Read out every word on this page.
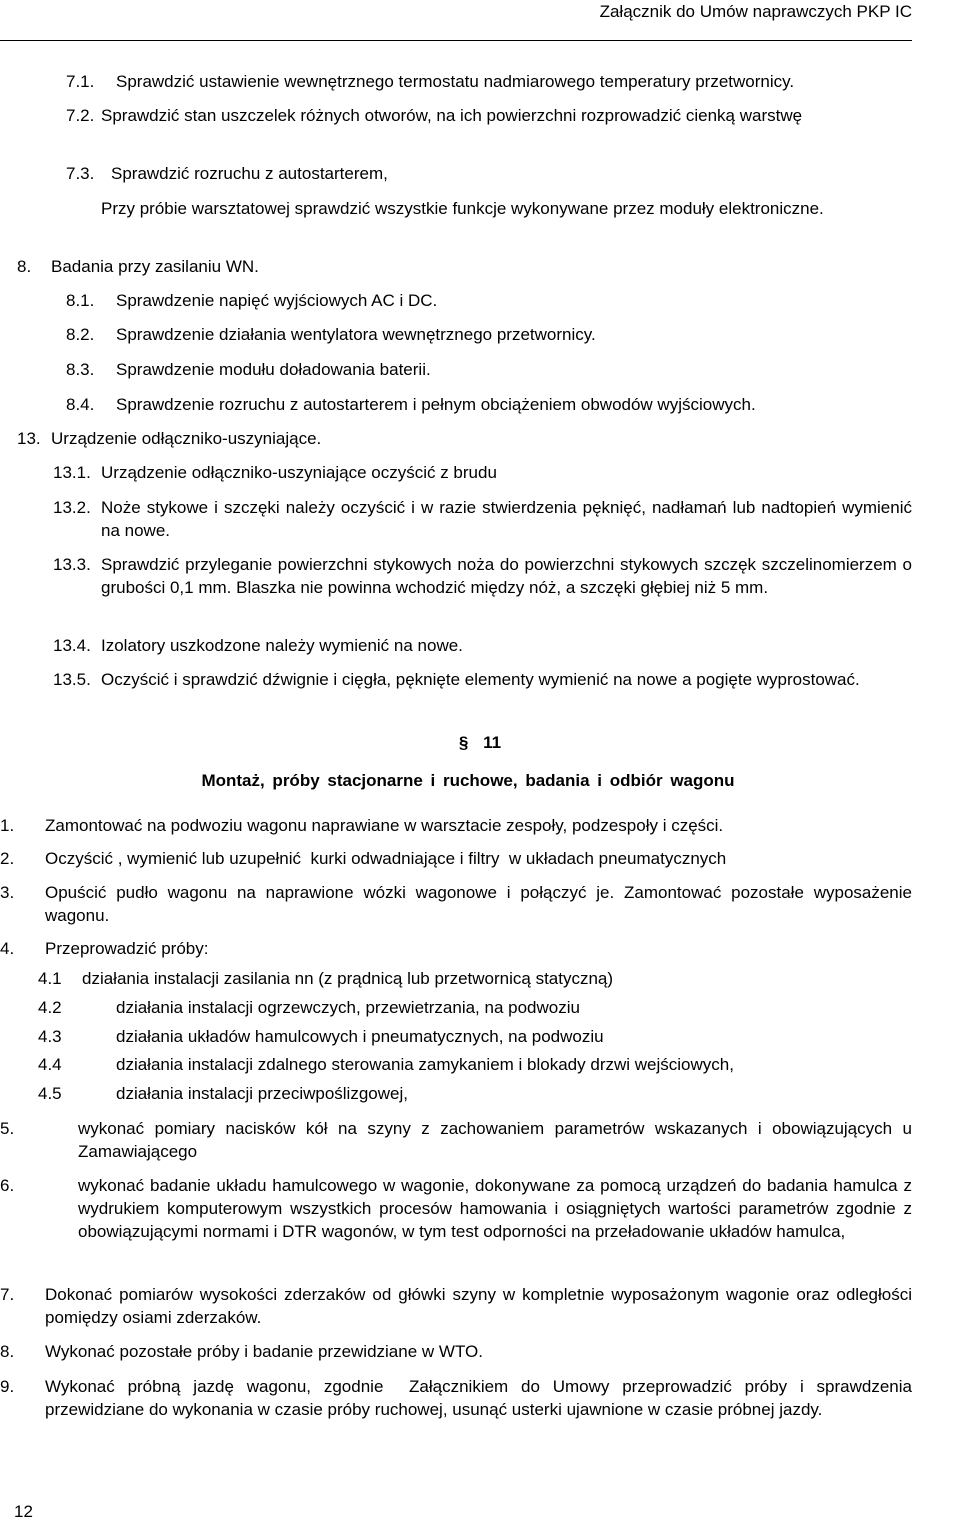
Załącznik do Umów naprawczych PKP IC
7.1.	Sprawdzić ustawienie wewnętrznego termostatu nadmiarowego temperatury przetwornicy.
7.2. Sprawdzić stan uszczelek różnych otworów, na ich powierzchni rozprowadzić cienką warstwę
7.3. Sprawdzić rozruchu z autostarterem,
Przy próbie warsztatowej sprawdzić wszystkie funkcje wykonywane przez moduły elektroniczne.
8.	Badania przy zasilaniu WN.
8.1.	Sprawdzenie napięć wyjściowych AC i DC.
8.2.	Sprawdzenie działania wentylatora wewnętrznego przetwornicy.
8.3.	Sprawdzenie modułu doładowania baterii.
8.4.	Sprawdzenie rozruchu z autostarterem i pełnym obciążeniem obwodów wyjściowych.
13. Urządzenie odłączniko-uszyniające.
13.1. Urządzenie odłączniko-uszyniające oczyścić z brudu
13.2. Noże stykowe i szczęki należy oczyścić i w razie stwierdzenia pęknięć, nadłamań lub nadtopień wymienić na nowe.
13.3. Sprawdzić przyleganie powierzchni stykowych noża do powierzchni stykowych szczęk szczelinomierzem o grubości 0,1 mm. Blaszka nie powinna wchodzić między nóż, a szczęki głębiej niż 5 mm.
13.4. Izolatory uszkodzone należy wymienić na nowe.
13.5. Oczyścić i sprawdzić dźwignie i cięgła, pęknięte elementy wymienić na nowe a pogięte wyprostować.
§ 11
Montaż, próby stacjonarne i ruchowe, badania i odbiór wagonu
1.	Zamontować na podwoziu wagonu naprawiane w warsztacie zespoły, podzespoły i części.
2.	Oczyścić , wymienić lub uzupełnić  kurki odwadniające i filtry  w układach pneumatycznych
3.	Opuścić pudło wagonu na naprawione wózki wagonowe i połączyć je. Zamontować pozostałe wyposażenie wagonu.
4.	Przeprowadzić próby:
4.1	działania instalacji zasilania nn (z prądnicą lub przetwornicą statyczną)
4.2	działania instalacji ogrzewczych, przewietrzania, na podwoziu
4.3	działania układów hamulcowych i pneumatycznych, na podwoziu
4.4	działania instalacji zdalnego sterowania zamykaniem i blokady drzwi wejściowych,
4.5	działania instalacji przeciwpoślizgowej,
5.	wykonać pomiary nacisków kół na szyny z zachowaniem parametrów wskazanych i obowiązujących u Zamawiającego
6.	wykonać badanie układu hamulcowego w wagonie, dokonywane za pomocą urządzeń do badania hamulca z wydrukiem komputerowym wszystkich procesów hamowania i osiągniętych wartości parametrów zgodnie z obowiązującymi normami i DTR wagonów, w tym test odporności na przeładowanie układów hamulca,
7.	Dokonać pomiarów wysokości zderzaków od główki szyny w kompletnie wyposażonym wagonie oraz odległości pomiędzy osiami zderzaków.
8.	Wykonać pozostałe próby i badanie przewidziane w WTO.
9.	Wykonać próbną jazdę wagonu, zgodnie  Załącznikiem do Umowy przeprowadzić próby i sprawdzenia przewidziane do wykonania w czasie próby ruchowej, usunąć usterki ujawnione w czasie próbnej jazdy.
12
